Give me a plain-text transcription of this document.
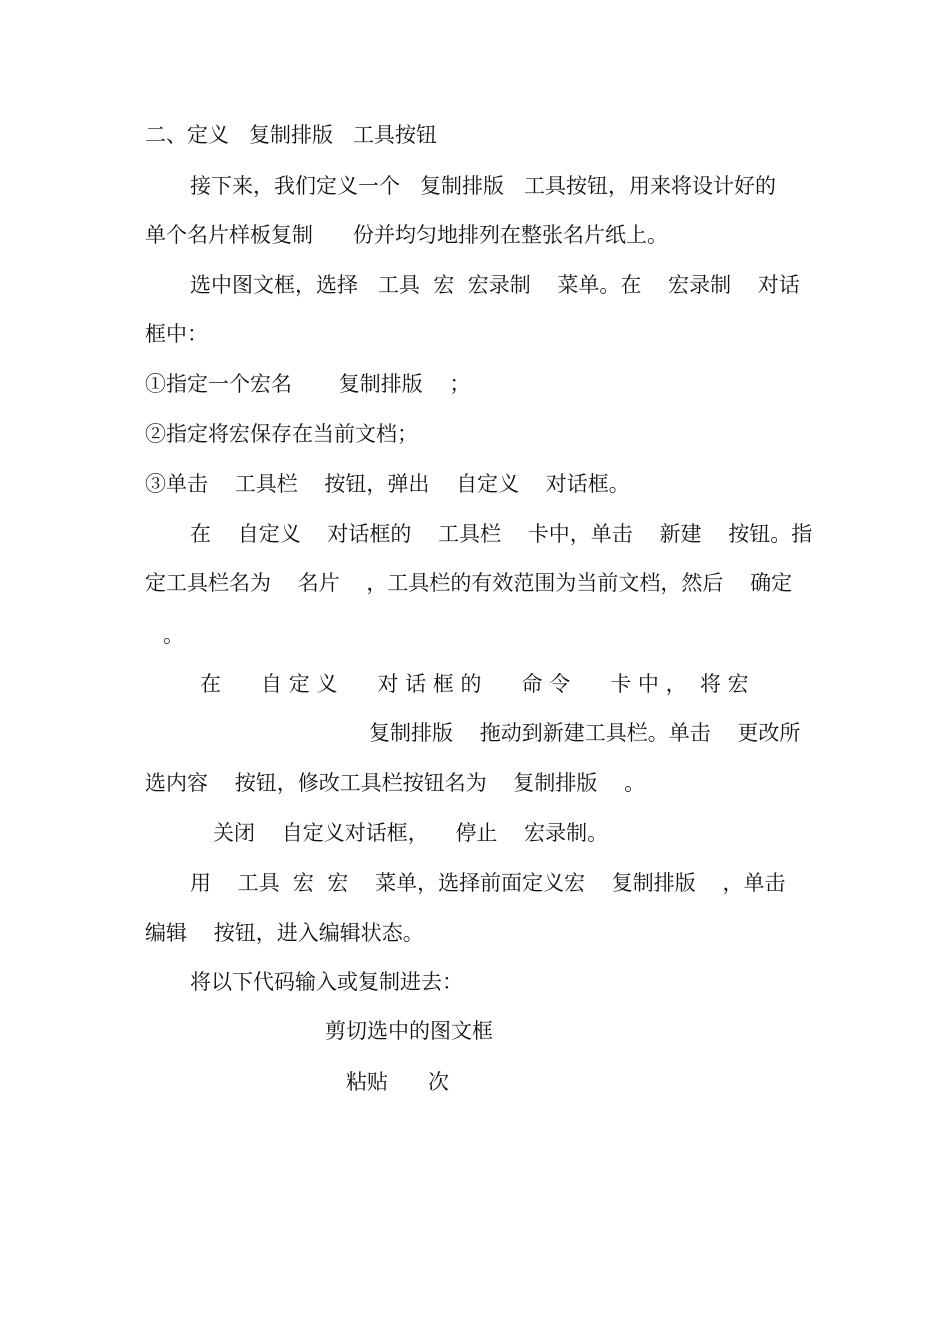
二、定义   复制排版   工具按钮

接下来，我们定义一个   复制排版   工具按钮，用来将设计好的

单个名片样板复制      份并均匀地排列在整张名片纸上。

选中图文框，选择   工具  宏  宏录制    菜单。在    宏录制    对话

框中：

①指定一个宏名       复制排版    ；

②指定将宏保存在当前文档；

③单击    工具栏    按钮，弹出    自定义    对话框。

在    自定义    对话框的    工具栏    卡中，单击    新建    按钮。指

定工具栏名为    名片    ，工具栏的有效范围为当前文档，然后    确定

。

在      自 定 义      对 话 框 的      命 令      卡 中 ，  将 宏

复制排版    拖动到新建工具栏。单击    更改所

选内容    按钮，修改工具栏按钮名为    复制排版    。

关闭    自定义对话框，    停止    宏录制。

用    工具  宏  宏    菜单，选择前面定义宏    复制排版    ，单击

编辑    按钮，进入编辑状态。

将以下代码输入或复制进去：

剪切选中的图文框

粘贴      次
